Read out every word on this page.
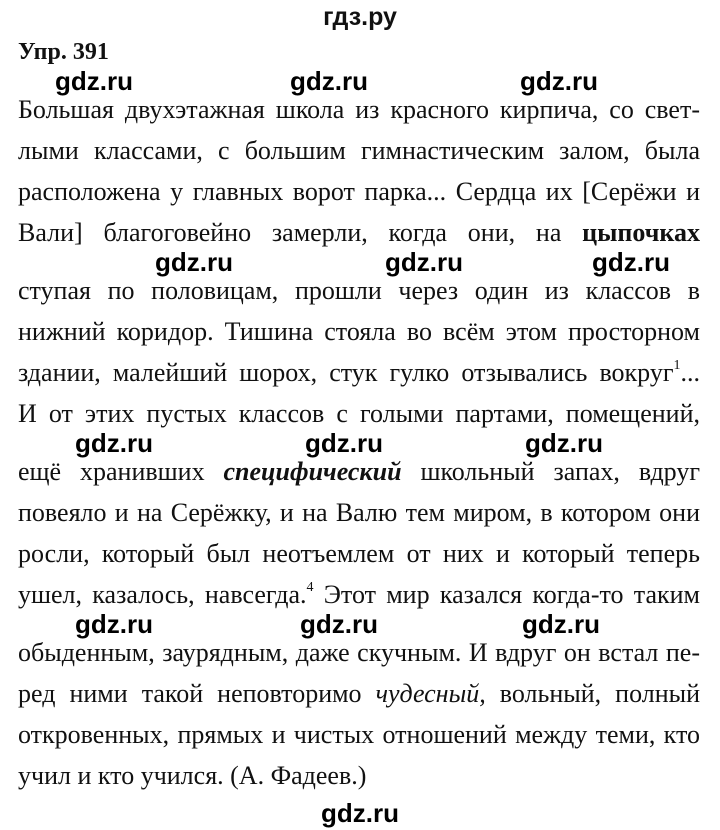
гдз.ру
Упр. 391
Большая двухэтажная школа из красного кирпича, со свет-
лыми классами, с большим гимнастическим залом, была
расположена у главных ворот парка... Сердца их [Серёжи и
Вали] благоговейно замерли, когда они, на цыпочках
ступая по половицам, прошли через один из классов в
нижний коридор. Тишина стояла во всём этом просторном
здании, малейший шорох, стук гулко отзывались вокруг$^1$...
И от этих пустых классов с голыми партами, помещений,
ещё хранивших специфический школьный запах, вдруг
повеяло и на Серёжку, и на Валю тем миром, в котором они
росли, который был неотъемлем от них и который теперь
ушел, казалось, навсегда.$^4$ Этот мир казался когда-то таким
обыденным, заурядным, даже скучным. И вдруг он встал пе-
ред ними такой неповторимо чудесный, вольный, полный
откровенных, прямых и чистых отношений между теми, кто
учил и кто учился. (А. Фадеев.)
gdz.ru	gdz.ru	gdz.ru
gdz.ru	gdz.ru	gdz.ru
gdz.ru	gdz.ru	gdz.ru
gdz.ru	gdz.ru	gdz.ru
gdz.ru
